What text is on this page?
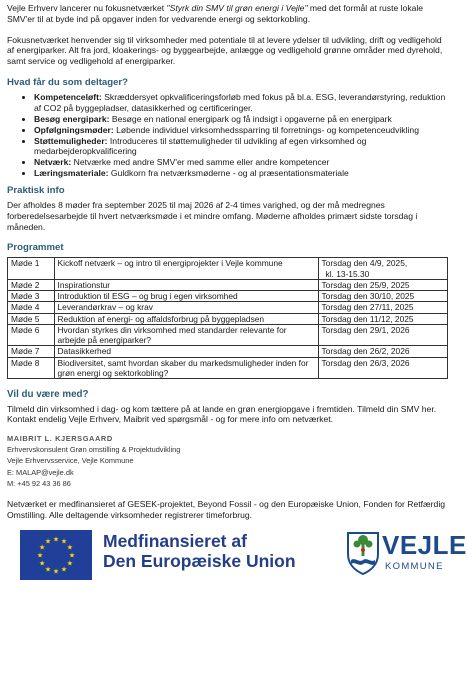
Vejle Erhverv lancerer nu fokusnetværket "Styrk din SMV til grøn energi i Vejle" med det formål at ruste lokale SMV'er til at byde ind på opgaver inden for vedvarende energi og sektorkobling.

Fokusnetværket henvender sig til virksomheder med potentiale til at levere ydelser til udvikling, drift og vedligehold af energiparker. Alt fra jord, kloakerings- og byggearbejde, anlægge og vedligehold grønne områder med dyrehold, samt service og vedligehold af energiparker.

Hvad får du som deltager?
• Kompetenceløft: Skræddersyet opkvalificeringsforløb med fokus på bl.a. ESG, leverandørstyring, reduktion af CO2 på byggepladser, datasikkerhed og certificeringer.
• Besøg energipark: Besøge en national energipark og få indsigt i opgaverne på en energipark
• Opfølgningsmøder: Løbende individuel virksomhedssparring til forretnings- og kompetenceudvikling
• Støttemuligheder: Introduceres til støttemuligheder til udvikling af egen virksomhed og medarbejderopkvalificering
• Netværk: Netværke med andre SMV'er med samme eller andre kompetencer
• Læringsmateriale: Guldkorn fra netværksmøderne - og al præsentationsmateriale
Praktisk info

Der afholdes 8 møder fra september 2025 til maj 2026 af 2-4 times varighed, og der må medregnes forberedelsesarbejde til hvert netværksmøde i et mindre omfang. Møderne afholdes primært sidste torsdag i måneden.

Programmet
Møde 1	Kickoff netværk – og intro til energiprojekter i Vejle kommune	Torsdag den 4/9, 2025,
kl. 13-15.30
Møde 2	Inspirationstur	Torsdag den 25/9, 2025
Møde 3	Introduktion til ESG – og brug i egen virksomhed	Torsdag den 30/10, 2025
Møde 4	Leverandørkrav – og krav	Torsdag den 27/11, 2025
Møde 5	Reduktion af energi- og affaldsforbrug på byggepladsen	Torsdag den 11/12, 2025
Møde 6	Hvordan styrkes din virksomhed med standarder relevante for arbejde på energiparker?	Torsdag den 29/1, 2026
Møde 7	Datasikkerhed	Torsdag den 26/2, 2026
Møde 8	Biodiversitet, samt hvordan skaber du markedsmuligheder inden for grøn energi og sektorkobling?	Torsdag den 26/3, 2026
Vil du være med?

Tilmeld din virksomhed i dag- og kom tættere på at lande en grøn energiopgave i fremtiden. Tilmeld din SMV her.

Kontakt endelig Vejle Erhverv, Maibrit ved spørgsmål - og for mere info om netværket.

MAIBRIT L. KJERSGAARD
Erhvervskonsulent Grøn omstilling & Projektudvikling
Vejle Erhvervsservice, Vejle Kommune
E: MALAP@vejle.dk
M: +45 92 43 36 86

Netværket er medfinansieret af GESEK-projektet, Beyond Fossil - og den Europæiske Union, Fonden for Retfærdig Omstilling. Alle deltagende virksomheder registrerer timeforbrug.

★ ★
★
★
★
★
★
★
★
★
★
★	Medfinansieret af
Den Europæiske Union
VEJLE
KOMMUNE
